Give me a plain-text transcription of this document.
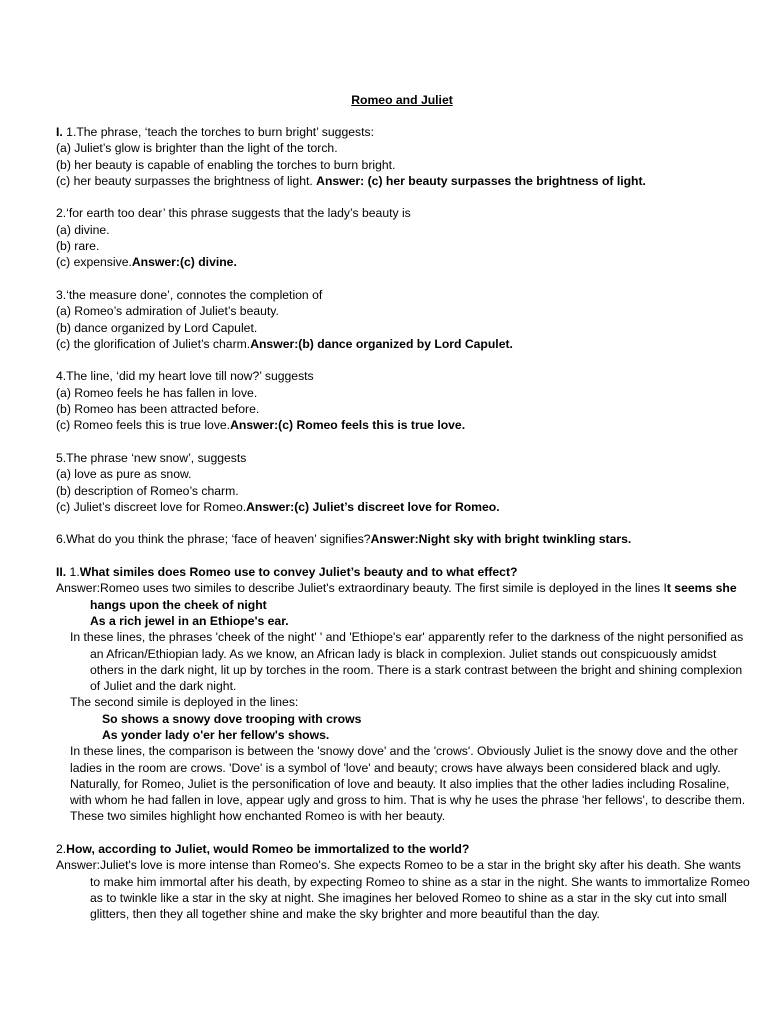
Romeo and Juliet
I. 1.The phrase, ‘teach the torches to burn bright’ suggests:
(a) Juliet’s glow is brighter than the light of the torch.
(b) her beauty is capable of enabling the torches to burn bright.
(c) her beauty surpasses the brightness of light. Answer: (c) her beauty surpasses the brightness of light.
2.‘for earth too dear’ this phrase suggests that the lady’s beauty is
(a) divine.
(b) rare.
(c) expensive.Answer:(c) divine.
3.‘the measure done’, connotes the completion of
(a) Romeo’s admiration of Juliet’s beauty.
(b) dance organized by Lord Capulet.
(c) the glorification of Juliet’s charm.Answer:(b) dance organized by Lord Capulet.
4.The line, ‘did my heart love till now?’ suggests
(a) Romeo feels he has fallen in love.
(b) Romeo has been attracted before.
(c) Romeo feels this is true love.Answer:(c) Romeo feels this is true love.
5.The phrase ‘new snow’, suggests
(a) love as pure as snow.
(b) description of Romeo’s charm.
(c) Juliet’s discreet love for Romeo.Answer:(c) Juliet’s discreet love for Romeo.
6.What do you think the phrase; ‘face of heaven’ signifies?Answer:Night sky with bright twinkling stars.
II. 1.What similes does Romeo use to convey Juliet’s beauty and to what effect?
Answer:Romeo uses two similes to describe Juliet's extraordinary beauty. The first simile is deployed in the lines It seems she
hangs upon the cheek of night
As a rich jewel in an Ethiope's ear.
In these lines, the phrases 'cheek of the night' ' and 'Ethiope's ear' apparently refer to the darkness of the night personified as
an African/Ethiopian lady. As we know, an African lady is black in complexion. Juliet stands out conspicuously amidst
others in the dark night, lit up by torches in the room. There is a stark contrast between the bright and shining complexion
of Juliet and the dark night.
The second simile is deployed in the lines:
So shows a snowy dove trooping with crows
As yonder lady o'er her fellow's shows.
In these lines, the comparison is between the 'snowy dove' and the 'crows'. Obviously Juliet is the snowy dove and the other
ladies in the room are crows. 'Dove' is a symbol of 'love' and beauty; crows have always been considered black and ugly.
Naturally, for Romeo, Juliet is the personification of love and beauty. It also implies that the other ladies including Rosaline,
with whom he had fallen in love, appear ugly and gross to him. That is why he uses the phrase 'her fellows', to describe them.
These two similes highlight how enchanted Romeo is with her beauty.
2.How, according to Juliet, would Romeo be immortalized to the world?
Answer:Juliet's love is more intense than Romeo's. She expects Romeo to be a star in the bright sky after his death. She wants
to make him immortal after his death, by expecting Romeo to shine as a star in the night. She wants to immortalize Romeo
as to twinkle like a star in the sky at night. She imagines her beloved Romeo to shine as a star in the sky cut into small
glitters, then they all together shine and make the sky brighter and more beautiful than the day.
